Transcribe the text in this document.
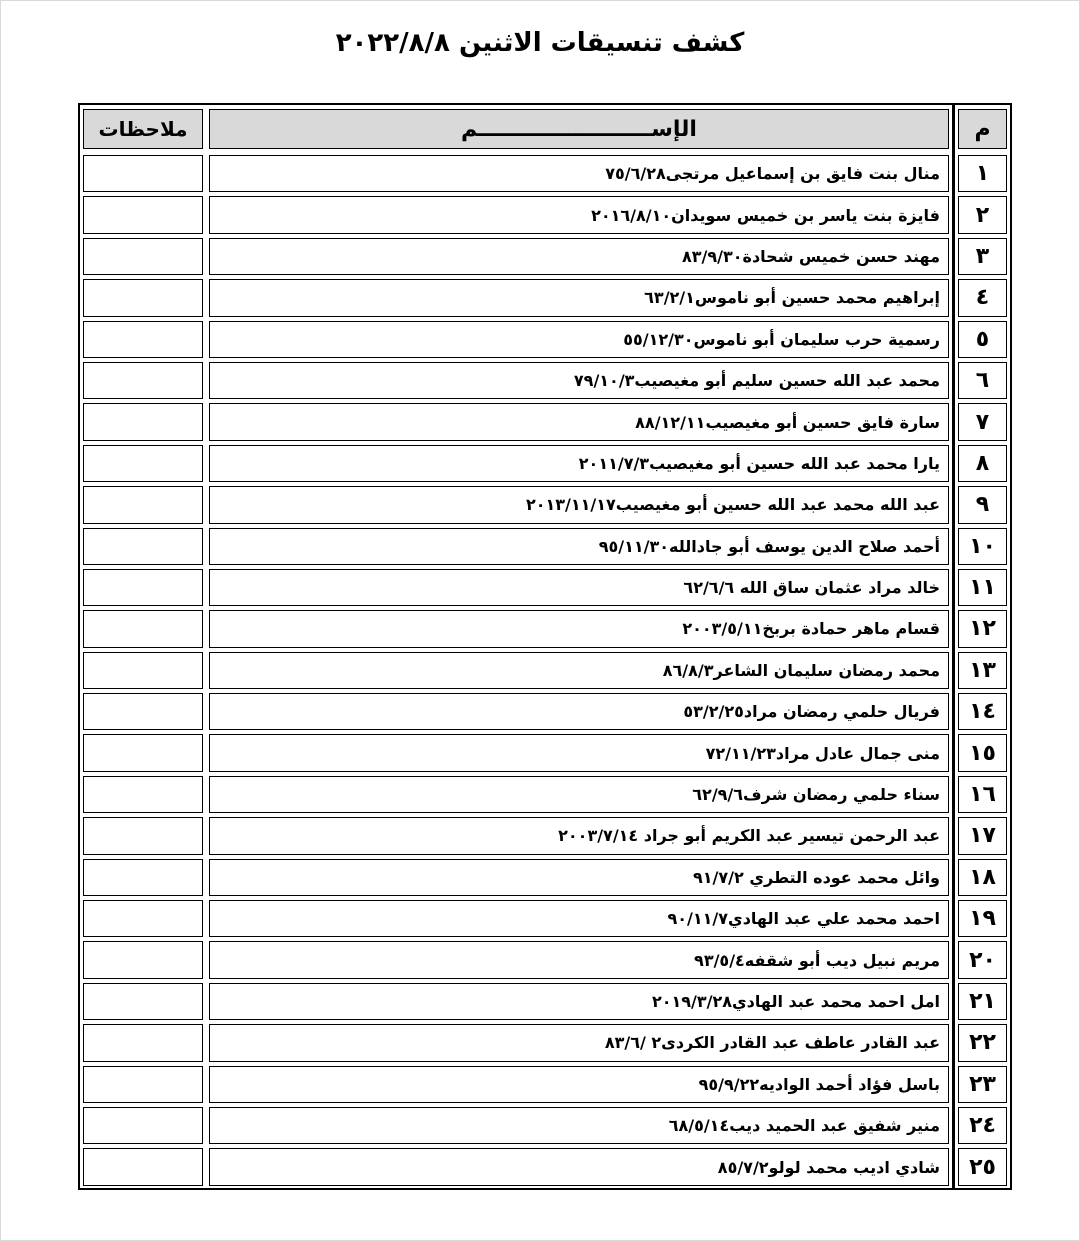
كشف تنسيقات الاثنين ٢٠٢٢/٨/٨
م	الإســـــــــــــــــــــــم	ملاحظات

١	منال بنت فايق بن إسماعيل مرتجى٧٥/٦/٢٨	

٢	فايزة بنت ياسر بن خميس سويدان٢٠١٦/٨/١٠	

٣	مهند حسن خميس شحادة٨٣/٩/٣٠	

٤	إبراهيم محمد حسين أبو ناموس٦٣/٢/١	

٥	رسمية حرب سليمان أبو ناموس٥٥/١٢/٣٠	

٦	محمد عبد الله حسين سليم أبو مغيصيب٧٩/١٠/٣	

٧	سارة فايق حسين أبو مغيصيب٨٨/١٢/١١	

٨	يارا محمد عبد الله حسين أبو مغيصيب٢٠١١/٧/٣	

٩	عبد الله محمد عبد الله حسين أبو مغيصيب٢٠١٣/١١/١٧	

١٠	أحمد صلاح الدين يوسف أبو جادالله٩٥/١١/٣٠	

١١	خالد مراد عثمان ساق الله ٦٢/٦/٦	

١٢	قسام ماهر حمادة بربخ٢٠٠٣/٥/١١	

١٣	محمد رمضان سليمان الشاعر٨٦/٨/٣	

١٤	فريال حلمي رمضان مراد٥٣/٢/٢٥	

١٥	منى جمال عادل مراد٧٢/١١/٢٣	

١٦	سناء حلمي رمضان شرف٦٢/٩/٦	

١٧	عبد الرحمن تيسير عبد الكريم أبو جراد ٢٠٠٣/٧/١٤	

١٨	وائل محمد عوده التطري ٩١/٧/٢	

١٩	احمد محمد علي عبد الهادي٩٠/١١/٧	

٢٠	مريم نبيل ديب أبو شقفه٩٣/٥/٤	

٢١	امل احمد محمد عبد الهادي٢٠١٩/٣/٢٨	

٢٢	عبد القادر عاطف عبد القادر الكردى٢ /٨٣/٦	

٢٣	باسل فؤاد أحمد الواديه٩٥/٩/٢٢	

٢٤	منير شفيق عبد الحميد ديب٦٨/٥/١٤	

٢٥	شادي اديب محمد لولو٨٥/٧/٢	
